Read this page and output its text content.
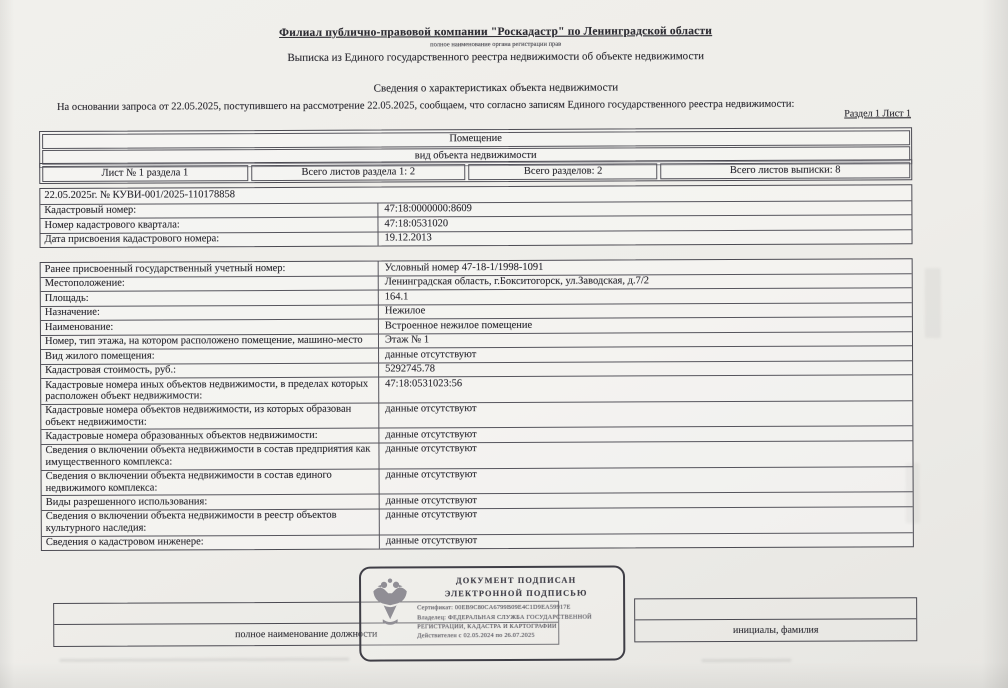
Филиал публично-правовой компании "Роскадастр" по Ленинградской области
полное наименование органа регистрации прав
Выписка из Единого государственного реестра недвижимости об объекте недвижимости
Сведения о характеристиках объекта недвижимости
На основании запроса от 22.05.2025, поступившего на рассмотрение 22.05.2025, сообщаем, что согласно записям Единого государственного реестра недвижимости:
Раздел 1 Лист 1
Помещение
вид объекта недвижимости
Лист № 1 раздела 1	Всего листов раздела 1: 2	Всего разделов: 2	Всего листов выписки: 8
22.05.2025г. № КУВИ-001/2025-110178858
Кадастровый номер:	47:18:0000000:8609
Номер кадастрового квартала:	47:18:0531020
Дата присвоения кадастрового номера:	19.12.2013
Ранее присвоенный государственный учетный номер:	Условный номер 47-18-1/1998-1091
Местоположение:	Ленинградская область, г.Бокситогорск, ул.Заводская, д.7/2
Площадь:	164.1
Назначение:	Нежилое
Наименование:	Встроенное нежилое помещение
Номер, тип этажа, на котором расположено помещение, машино-место	Этаж № 1
Вид жилого помещения:	данные отсутствуют
Кадастровая стоимость, руб.:	5292745.78
Кадастровые номера иных объектов недвижимости, в пределах которых расположен объект недвижимости:
47:18:0531023:56
Кадастровые номера объектов недвижимости, из которых образован объект недвижимости:
данные отсутствуют
Кадастровые номера образованных объектов недвижимости:	данные отсутствуют
Сведения о включении объекта недвижимости в состав предприятия как имущественного комплекса:
данные отсутствуют
Сведения о включении объекта недвижимости в состав единого недвижимого комплекса:
данные отсутствуют
Виды разрешенного использования:	данные отсутствуют
Сведения о включении объекта недвижимости в реестр объектов культурного наследия:
данные отсутствуют
Сведения о кадастровом инженере:	данные отсутствуют
полное наименование должности	инициалы, фамилия
ДОКУМЕНТ ПОДПИСАН
ЭЛЕКТРОННОЙ ПОДПИСЬЮ
Сертификат: 00EB9C80CA6799B09E4C1D9EA59917E
Владелец: ФЕДЕРАЛЬНАЯ СЛУЖБА ГОСУДАРСТВЕННОЙ
РЕГИСТРАЦИИ, КАДАСТРА И КАРТОГРАФИИ
Действителен с 02.05.2024 по 26.07.2025
